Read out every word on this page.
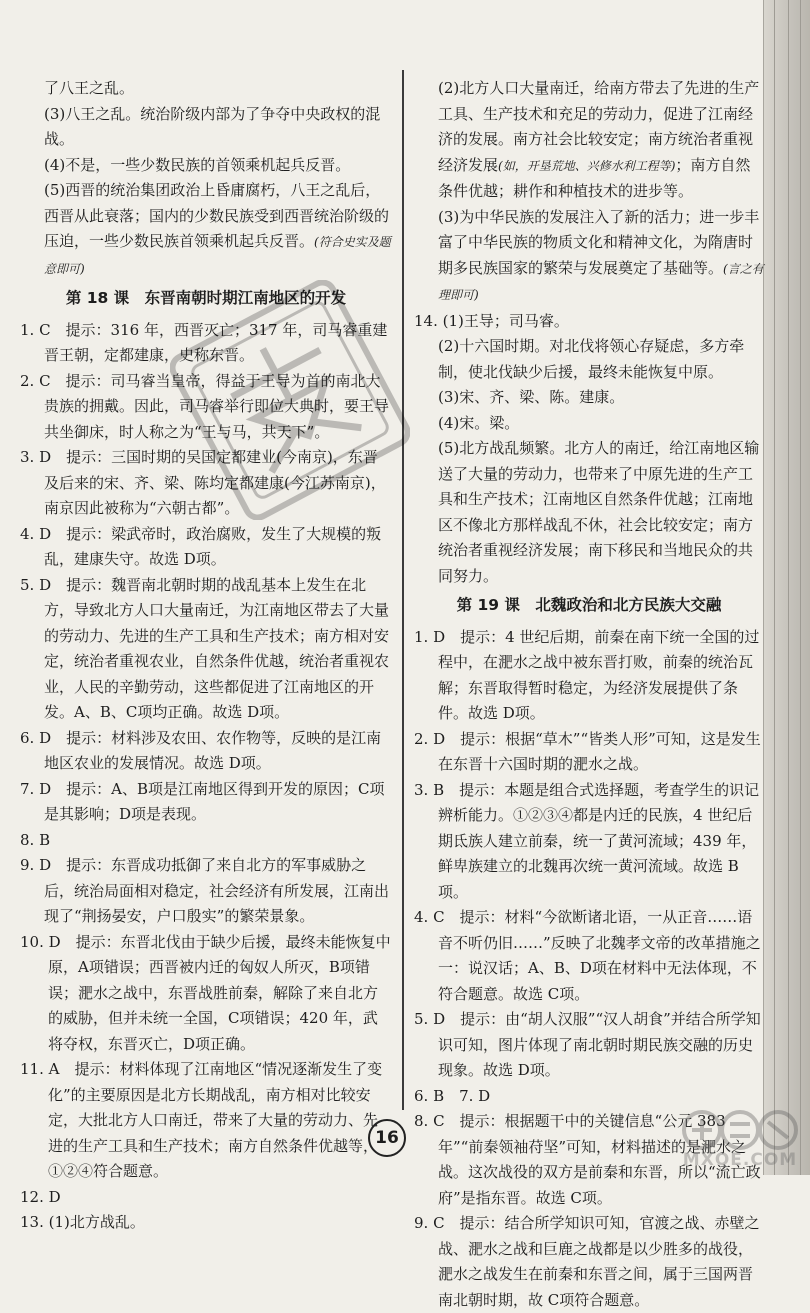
了八王之乱。

(3)八王之乱。统治阶级内部为了争夺中央政权的混战。

(4)不是，一些少数民族的首领乘机起兵反晋。

(5)西晋的统治集团政治上昏庸腐朽，八王之乱后，西晋从此衰落；国内的少数民族受到西晋统治阶级的压迫，一些少数民族首领乘机起兵反晋。(符合史实及题意即可)

第 18 课　东晋南朝时期江南地区的开发

1. C　提示：316 年，西晋灭亡；317 年，司马睿重建晋王朝，定都建康，史称东晋。

2. C　提示：司马睿当皇帝，得益于王导为首的南北大贵族的拥戴。因此，司马睿举行即位大典时，要王导共坐御床，时人称之为“王与马，共天下”。

3. D　提示：三国时期的吴国定都建业(今南京)，东晋及后来的宋、齐、梁、陈均定都建康(今江苏南京)，南京因此被称为“六朝古都”。

4. D　提示：梁武帝时，政治腐败，发生了大规模的叛乱，建康失守。故选 D项。

5. D　提示：魏晋南北朝时期的战乱基本上发生在北方，导致北方人口大量南迁，为江南地区带去了大量的劳动力、先进的生产工具和生产技术；南方相对安定，统治者重视农业，自然条件优越，统治者重视农业，人民的辛勤劳动，这些都促进了江南地区的开发。A、B、C项均正确。故选 D项。

6. D　提示：材料涉及农田、农作物等，反映的是江南地区农业的发展情况。故选 D项。

7. D　提示：A、B项是江南地区得到开发的原因；C项是其影响；D项是表现。

8. B

9. D　提示：东晋成功抵御了来自北方的军事威胁之后，统治局面相对稳定，社会经济有所发展，江南出现了“荆扬晏安，户口殷实”的繁荣景象。

10. D　提示：东晋北伐由于缺少后援，最终未能恢复中原，A项错误；西晋被内迁的匈奴人所灭，B项错误；淝水之战中，东晋战胜前秦，解除了来自北方的威胁，但并未统一全国，C项错误；420 年，武将夺权，东晋灭亡，D项正确。

11. A　提示：材料体现了江南地区“情况逐渐发生了变化”的主要原因是北方长期战乱，南方相对比较安定，大批北方人口南迁，带来了大量的劳动力、先进的生产工具和生产技术；南方自然条件优越等，①②④符合题意。

12. D

13. (1)北方战乱。

(2)北方人口大量南迁，给南方带去了先进的生产工具、生产技术和充足的劳动力，促进了江南经济的发展。南方社会比较安定；南方统治者重视经济发展(如，开垦荒地、兴修水利工程等)；南方自然条件优越；耕作和种植技术的进步等。

(3)为中华民族的发展注入了新的活力；进一步丰富了中华民族的物质文化和精神文化，为隋唐时期多民族国家的繁荣与发展奠定了基础等。(言之有理即可)

14. (1)王导；司马睿。

(2)十六国时期。对北伐将领心存疑虑，多方牵制，使北伐缺少后援，最终未能恢复中原。

(3)宋、齐、梁、陈。建康。

(4)宋。梁。

(5)北方战乱频繁。北方人的南迁，给江南地区输送了大量的劳动力，也带来了中原先进的生产工具和生产技术；江南地区自然条件优越；江南地区不像北方那样战乱不休，社会比较安定；南方统治者重视经济发展；南下移民和当地民众的共同努力。

第 19 课　北魏政治和北方民族大交融

1. D　提示：4 世纪后期，前秦在南下统一全国的过程中，在淝水之战中被东晋打败，前秦的统治瓦解；东晋取得暂时稳定，为经济发展提供了条件。故选 D项。

2. D　提示：根据“草木”“皆类人形”可知，这是发生在东晋十六国时期的淝水之战。

3. B　提示：本题是组合式选择题，考查学生的识记辨析能力。①②③④都是内迁的民族，4 世纪后期氐族人建立前秦，统一了黄河流域；439 年，鲜卑族建立的北魏再次统一黄河流域。故选 B项。

4. C　提示：材料“今欲断诸北语，一从正音……语音不听仍旧……”反映了北魏孝文帝的改革措施之一：说汉话；A、B、D项在材料中无法体现，不符合题意。故选 C项。

5. D　提示：由“胡人汉服”“汉人胡食”并结合所学知识可知，图片体现了南北朝时期民族交融的历史现象。故选 D项。

6. B　7. D

8. C　提示：根据题干中的关键信息“公元 383 年”“前秦领袖苻坚”可知，材料描述的是淝水之战。这次战役的双方是前秦和东晋，所以“流亡政府”是指东晋。故选 C项。

9. C　提示：结合所学知识可知，官渡之战、赤壁之战、淝水之战和巨鹿之战都是以少胜多的战役，淝水之战发生在前秦和东晋之间，属于三国两晋南北朝时期，故 C项符合题意。

16
MXQE.COM
